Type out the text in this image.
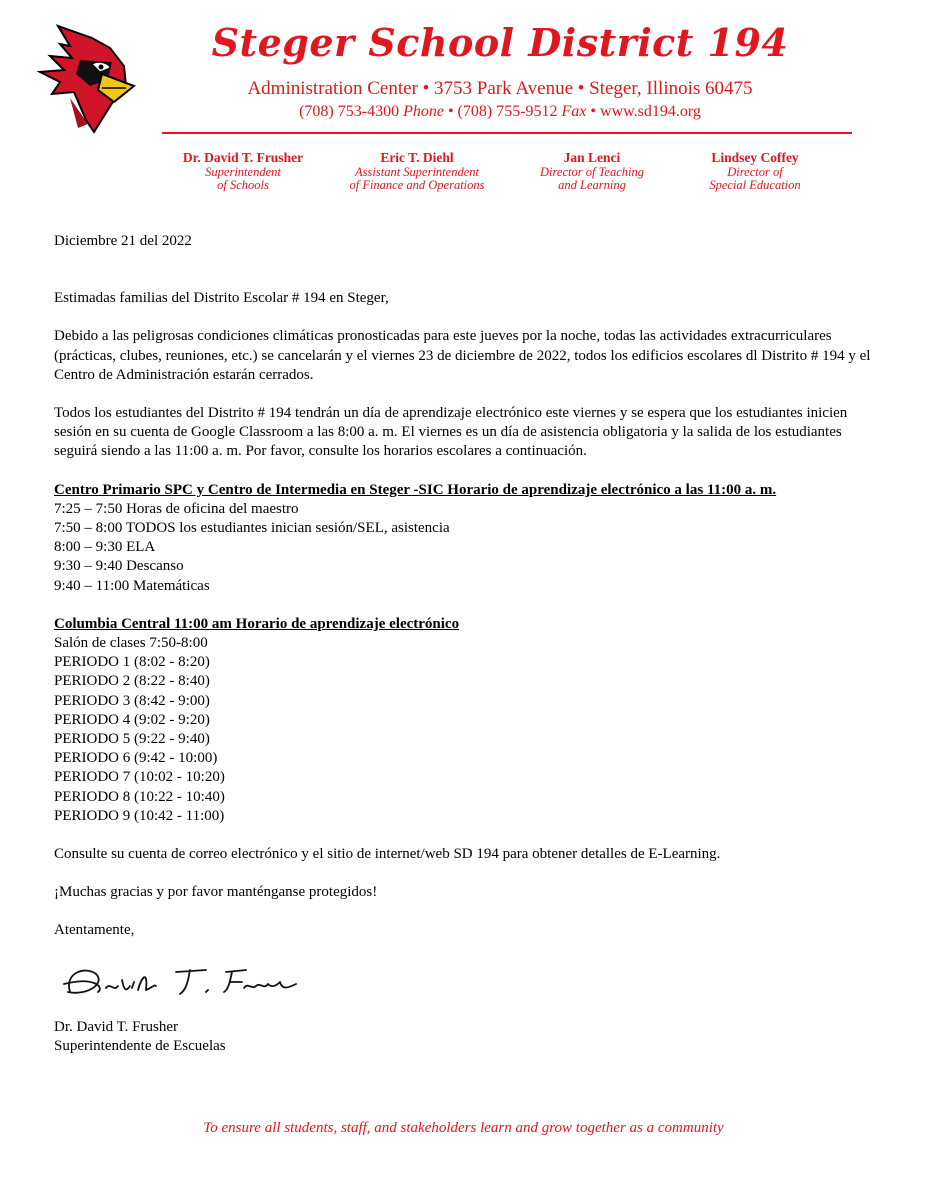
Steger School District 194
Administration Center • 3753 Park Avenue • Steger, Illinois 60475
(708) 753-4300 Phone • (708) 755-9512 Fax • www.sd194.org
Dr. David T. Frusher
Superintendent
of Schools
Eric T. Diehl
Assistant Superintendent
of Finance and Operations
Jan Lenci
Director of Teaching
and Learning
Lindsey Coffey
Director of
Special Education

Diciembre 21 del 2022

Estimadas familias del Distrito Escolar # 194 en Steger,

Debido a las peligrosas condiciones climáticas pronosticadas para este jueves por la noche, todas las actividades extracurriculares (prácticas, clubes, reuniones, etc.) se cancelarán y el viernes 23 de diciembre de 2022, todos los edificios escolares dl Distrito # 194 y el Centro de Administración estarán cerrados.

Todos los estudiantes del Distrito # 194 tendrán un día de aprendizaje electrónico este viernes y se espera que los estudiantes inicien sesión en su cuenta de Google Classroom a las 8:00 a. m. El viernes es un día de asistencia obligatoria y la salida de los estudiantes seguirá siendo a las 11:00 a. m. Por favor, consulte los horarios escolares a continuación.

Centro Primario SPC y Centro de Intermedia en Steger -SIC Horario de aprendizaje electrónico a las 11:00 a. m.

7:25 – 7:50 Horas de oficina del maestro

7:50 – 8:00 TODOS los estudiantes inician sesión/SEL, asistencia

8:00 – 9:30 ELA

9:30 – 9:40 Descanso

9:40 – 11:00 Matemáticas

Columbia Central 11:00 am Horario de aprendizaje electrónico

Salón de clases 7:50-8:00

PERIODO 1 (8:02 - 8:20)

PERIODO 2 (8:22 - 8:40)

PERIODO 3 (8:42 - 9:00)

PERIODO 4 (9:02 - 9:20)

PERIODO 5 (9:22 - 9:40)

PERIODO 6 (9:42 - 10:00)

PERIODO 7 (10:02 - 10:20)

PERIODO 8 (10:22 - 10:40)

PERIODO 9 (10:42 - 11:00)

Consulte su cuenta de correo electrónico y el sitio de internet/web SD 194 para obtener detalles de E-Learning.

¡Muchas gracias y por favor manténganse protegidos!

Atentamente,

Dr. David T. Frusher
Superintendente de Escuelas
To ensure all students, staff, and stakeholders learn and grow together as a community
